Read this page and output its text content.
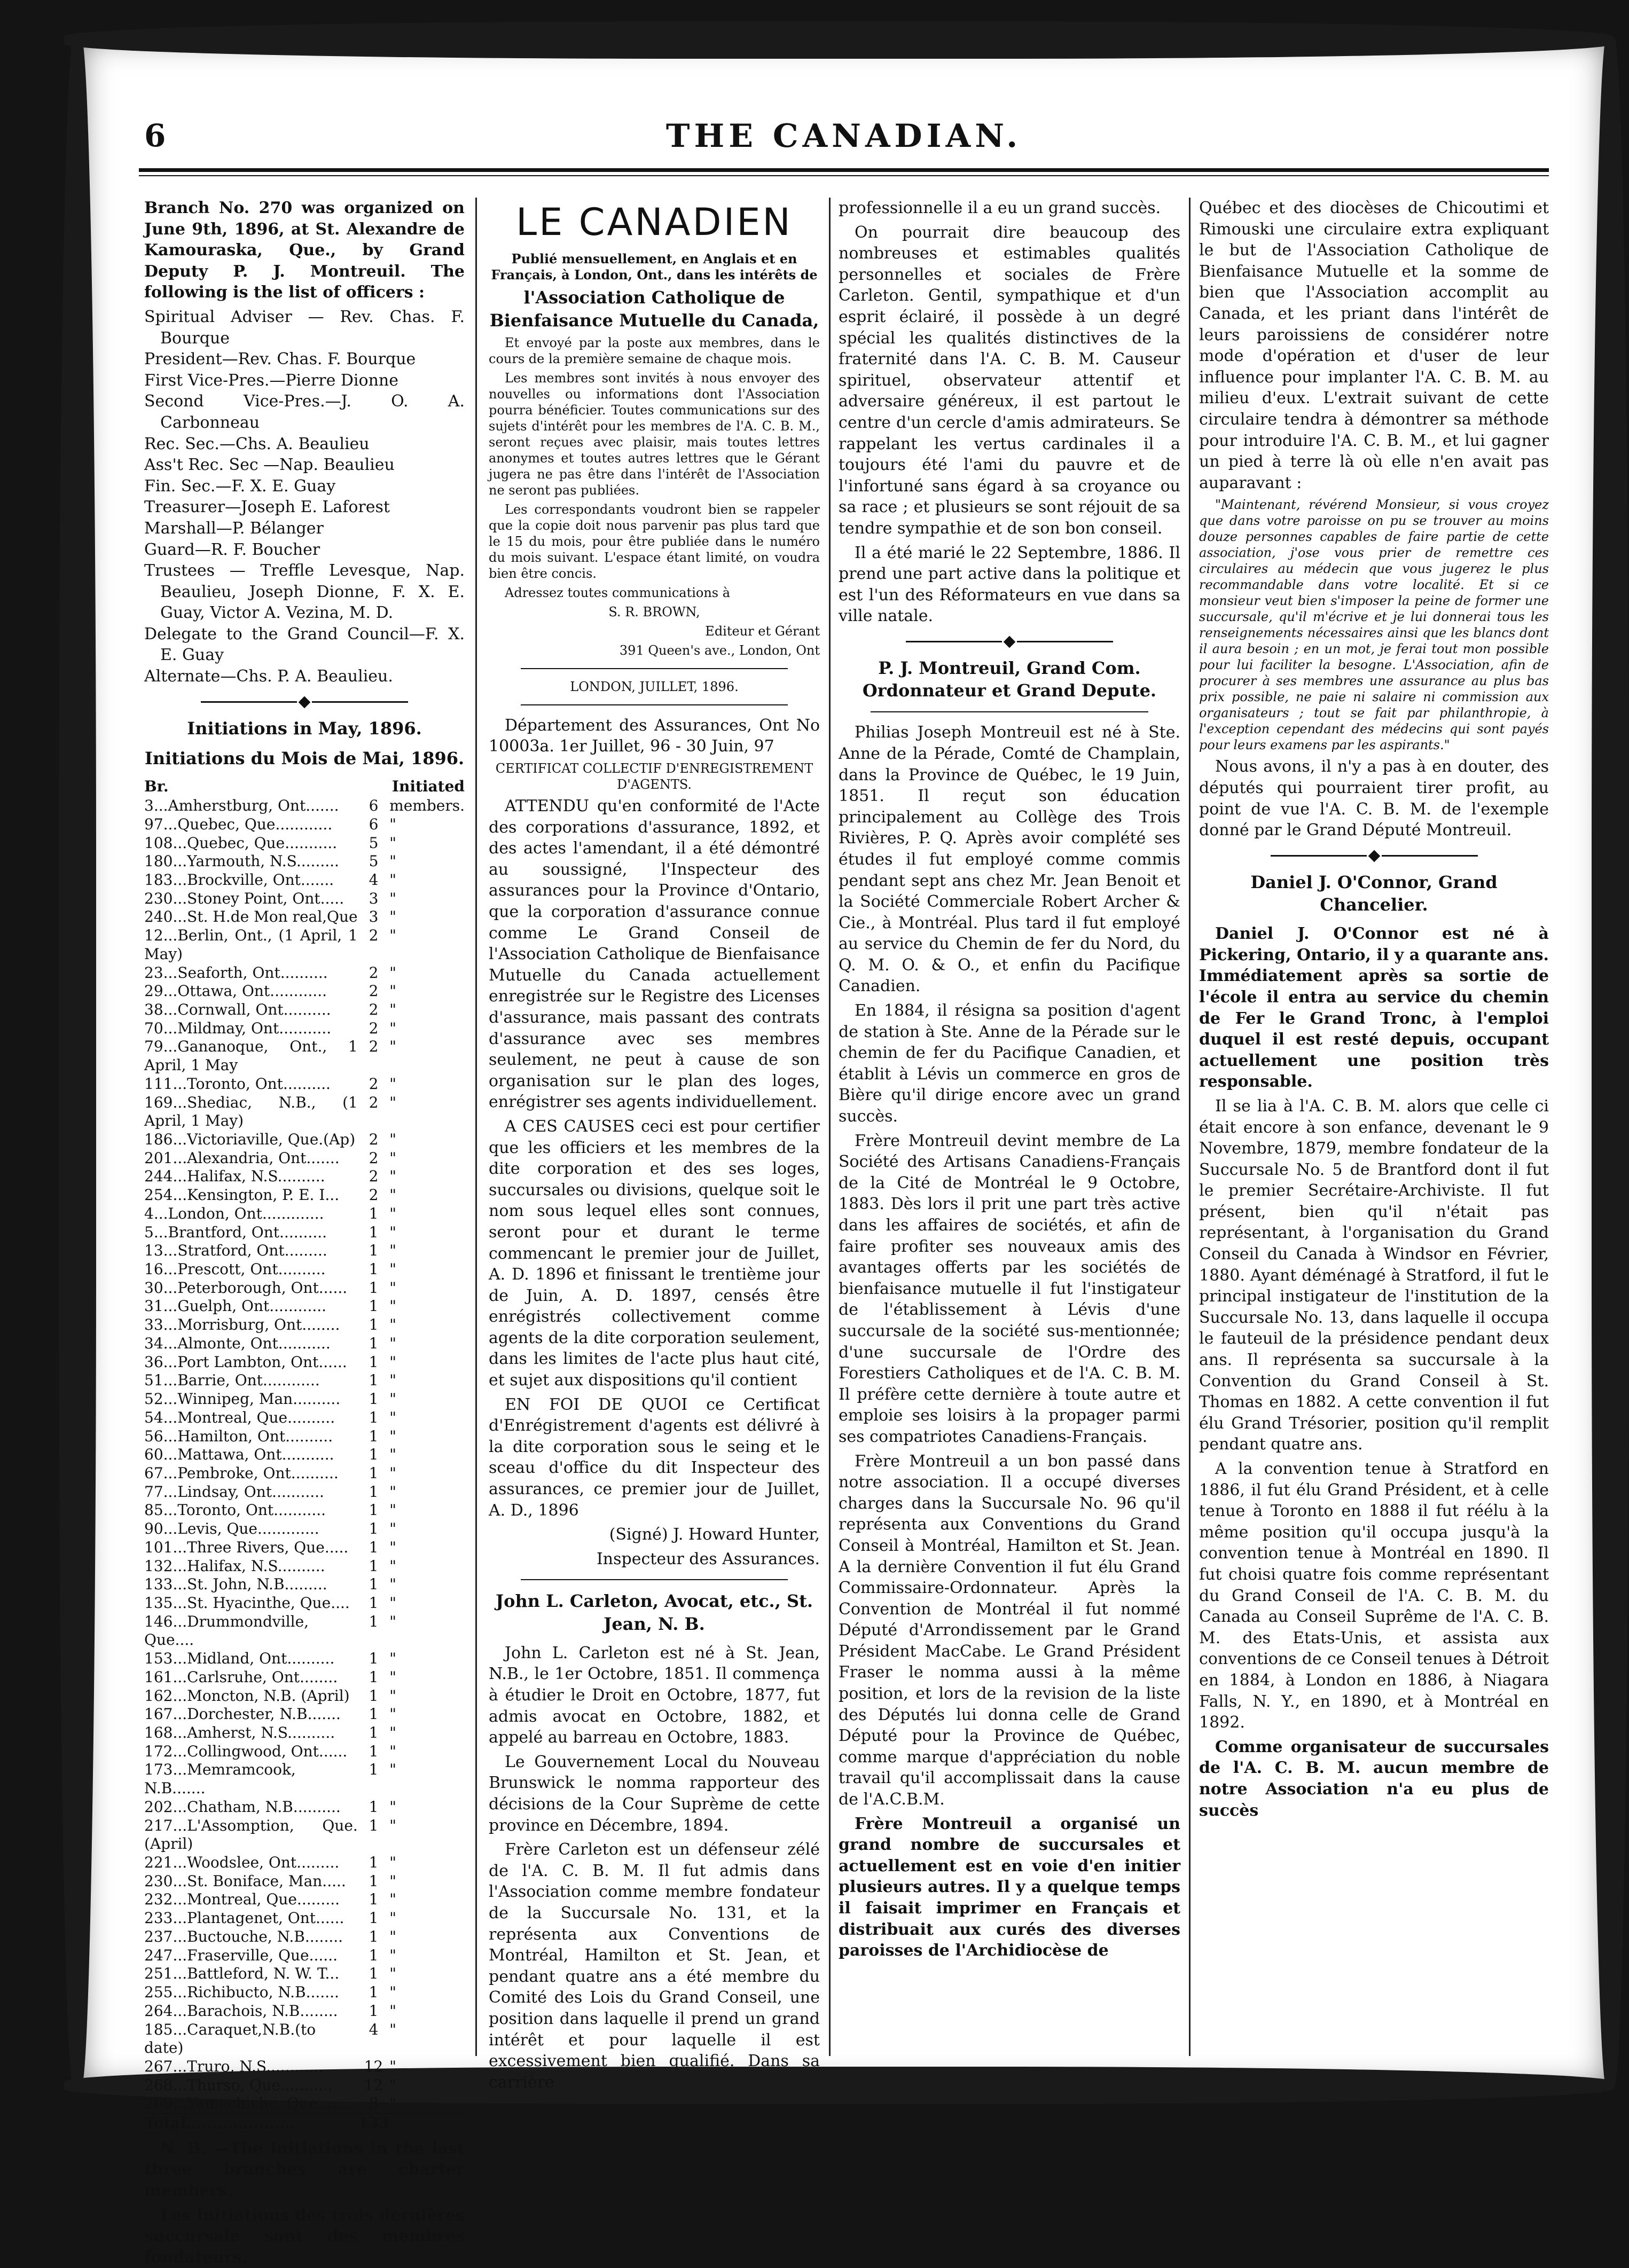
6	THE CANADIAN.

Branch No. 270 was organized on June 9th, 1896, at St. Alexandre de Kamouraska, Que., by Grand Deputy P. J. Montreuil. The following is the list of officers :

Spiritual Adviser — Rev. Chas. F. Bourque

President—Rev. Chas. F. Bourque

First Vice-Pres.—Pierre Dionne

Second Vice-Pres.—J. O. A. Carbonneau

Rec. Sec.—Chs. A. Beaulieu

Ass't Rec. Sec —Nap. Beaulieu

Fin. Sec.—F. X. E. Guay

Treasurer—Joseph E. Laforest

Marshall—P. Bélanger

Guard—R. F. Boucher

Trustees — Treffle Levesque, Nap. Beaulieu, Joseph Dionne, F. X. E. Guay, Victor A. Vezina, M. D.

Delegate to the Grand Council—F. X. E. Guay

Alternate—Chs. P. A. Beaulieu.

Initiations in May, 1896.
Initiations du Mois de Mai, 1896.
Br.	Initiated
3...Amherstburg, Ont.......	6	members.
97...Quebec, Que............	6	"
108...Quebec, Que...........	5	"
180...Yarmouth, N.S.........	5	"
183...Brockville, Ont.......	4	"
230...Stoney Point, Ont.....	3	"
240...St. H.de Mon real,Que	3	"
12...Berlin, Ont., (1 April, 1 May)	2	"
23...Seaforth, Ont..........	2	"
29...Ottawa, Ont............	2	"
38...Cornwall, Ont..........	2	"
70...Mildmay, Ont...........	2	"
79...Gananoque, Ont., 1 April, 1 May	2	"
111...Toronto, Ont..........	2	"
169...Shediac, N.B., (1 April, 1 May)	2	"
186...Victoriaville, Que.(Ap)	2	"
201...Alexandria, Ont.......	2	"
244...Halifax, N.S..........	2	"
254...Kensington, P. E. I...	2	"
4...London, Ont.............	1	"
5...Brantford, Ont..........	1	"
13...Stratford, Ont.........	1	"
16...Prescott, Ont..........	1	"
30...Peterborough, Ont......	1	"
31...Guelph, Ont............	1	"
33...Morrisburg, Ont........	1	"
34...Almonte, Ont...........	1	"
36...Port Lambton, Ont......	1	"
51...Barrie, Ont............	1	"
52...Winnipeg, Man..........	1	"
54...Montreal, Que..........	1	"
56...Hamilton, Ont..........	1	"
60...Mattawa, Ont...........	1	"
67...Pembroke, Ont..........	1	"
77...Lindsay, Ont...........	1	"
85...Toronto, Ont...........	1	"
90...Levis, Que.............	1	"
101...Three Rivers, Que.....	1	"
132...Halifax, N.S..........	1	"
133...St. John, N.B.........	1	"
135...St. Hyacinthe, Que....	1	"
146...Drummondville, Que....	1	"
153...Midland, Ont..........	1	"
161...Carlsruhe, Ont........	1	"
162...Moncton, N.B. (April)	1	"
167...Dorchester, N.B.......	1	"
168...Amherst, N.S..........	1	"
172...Collingwood, Ont......	1	"
173...Memramcook, N.B.......	1	"
202...Chatham, N.B..........	1	"
217...L'Assomption, Que. (April)	1	"
221...Woodslee, Ont.........	1	"
230...St. Boniface, Man.....	1	"
232...Montreal, Que.........	1	"
233...Plantagenet, Ont......	1	"
237...Buctouche, N.B........	1	"
247...Fraserville, Que......	1	"
251...Battleford, N. W. T...	1	"
255...Richibucto, N.B.......	1	"
264...Barachois, N.B........	1	"
185...Caraquet,N.B.(to date)	4	"
267...Truro, N.S............	12	"
268...Thurso, Que...........	12	"
269...Yamachiche, Que.......	8	"
Total.....................	133	

N. B. —The initiations in the last three branches are charter members.

Les initiations des trois dernières succursale sont des membres fondateurs.

LE CANADIEN

Publié mensuellement, en Anglais et en Français, à London, Ont., dans les intérêts de

l'Association Catholique de Bienfaisance Mutuelle du Canada,

Et envoyé par la poste aux membres, dans le cours de la première semaine de chaque mois.

Les membres sont invités à nous envoyer des nouvelles ou informations dont l'Association pourra bénéficier. Toutes communications sur des sujets d'intérêt pour les membres de l'A. C. B. M., seront reçues avec plaisir, mais toutes lettres anonymes et toutes autres lettres que le Gérant jugera ne pas être dans l'intérêt de l'Association ne seront pas publiées.

Les correspondants voudront bien se rappeler que la copie doit nous parvenir pas plus tard que le 15 du mois, pour être publiée dans le numéro du mois suivant. L'espace étant limité, on voudra bien être concis.

Adressez toutes communications à

S. R. BROWN,

Editeur et Gérant

391 Queen's ave., London, Ont

LONDON, JUILLET, 1896.

Département des Assurances, Ont No 10003a. 1er Juillet, 96 - 30 Juin, 97

CERTIFICAT COLLECTIF D'ENREGISTREMENT D'AGENTS.

ATTENDU qu'en conformité de l'Acte des corporations d'assurance, 1892, et des actes l'amendant, il a été démontré au soussigné, l'Inspecteur des assurances pour la Province d'Ontario, que la corporation d'assurance connue comme Le Grand Conseil de l'Association Catholique de Bienfaisance Mutuelle du Canada actuellement enregistrée sur le Registre des Licenses d'assurance, mais passant des contrats d'assurance avec ses membres seulement, ne peut à cause de son organisation sur le plan des loges, enrégistrer ses agents individuellement.

A CES CAUSES ceci est pour certifier que les officiers et les membres de la dite corporation et des ses loges, succursales ou divisions, quelque soit le nom sous lequel elles sont connues, seront pour et durant le terme commencant le premier jour de Juillet, A. D. 1896 et finissant le trentième jour de Juin, A. D. 1897, censés être enrégistrés collectivement comme agents de la dite corporation seulement, dans les limites de l'acte plus haut cité, et sujet aux dispositions qu'il contient

EN FOI DE QUOI ce Certificat d'Enrégistrement d'agents est délivré à la dite corporation sous le seing et le sceau d'office du dit Inspecteur des assurances, ce premier jour de Juillet, A. D., 1896

(Signé) J. Howard Hunter,

Inspecteur des Assurances.

John L. Carleton, Avocat, etc., St. Jean, N. B.

John L. Carleton est né à St. Jean, N.B., le 1er Octobre, 1851. Il commença à étudier le Droit en Octobre, 1877, fut admis avocat en Octobre, 1882, et appelé au barreau en Octobre, 1883.

Le Gouvernement Local du Nouveau Brunswick le nomma rapporteur des décisions de la Cour Suprème de cette province en Décembre, 1894.

Frère Carleton est un défenseur zélé de l'A. C. B. M. Il fut admis dans l'Association comme membre fondateur de la Succursale No. 131, et la représenta aux Conventions de Montréal, Hamilton et St. Jean, et pendant quatre ans a été membre du Comité des Lois du Grand Conseil, une position dans laquelle il prend un grand intérêt et pour laquelle il est excessivement bien qualifié. Dans sa carrière

professionnelle il a eu un grand succès.

On pourrait dire beaucoup des nombreuses et estimables qualités personnelles et sociales de Frère Carleton. Gentil, sympathique et d'un esprit éclairé, il possède à un degré spécial les qualités distinctives de la fraternité dans l'A. C. B. M. Causeur spirituel, observateur attentif et adversaire généreux, il est partout le centre d'un cercle d'amis admirateurs. Se rappelant les vertus cardinales il a toujours été l'ami du pauvre et de l'infortuné sans égard à sa croyance ou sa race ; et plusieurs se sont réjouit de sa tendre sympathie et de son bon conseil.

Il a été marié le 22 Septembre, 1886. Il prend une part active dans la politique et est l'un des Réformateurs en vue dans sa ville natale.

P. J. Montreuil, Grand Com. Ordonnateur et Grand Depute.

Philias Joseph Montreuil est né à Ste. Anne de la Pérade, Comté de Champlain, dans la Province de Québec, le 19 Juin, 1851. Il reçut son éducation principalement au Collège des Trois Rivières, P. Q. Après avoir complété ses études il fut employé comme commis pendant sept ans chez Mr. Jean Benoit et la Société Commerciale Robert Archer & Cie., à Montréal. Plus tard il fut employé au service du Chemin de fer du Nord, du Q. M. O. & O., et enfin du Pacifique Canadien.

En 1884, il résigna sa position d'agent de station à Ste. Anne de la Pérade sur le chemin de fer du Pacifique Canadien, et établit à Lévis un commerce en gros de Bière qu'il dirige encore avec un grand succès.

Frère Montreuil devint membre de La Société des Artisans Canadiens-Français de la Cité de Montréal le 9 Octobre, 1883. Dès lors il prit une part très active dans les affaires de sociétés, et afin de faire profiter ses nouveaux amis des avantages offerts par les sociétés de bienfaisance mutuelle il fut l'instigateur de l'établissement à Lévis d'une succursale de la société sus-mentionnée; d'une succursale de l'Ordre des Forestiers Catholiques et de l'A. C. B. M. Il préfère cette dernière à toute autre et emploie ses loisirs à la propager parmi ses compatriotes Canadiens-Français.

Frère Montreuil a un bon passé dans notre association. Il a occupé diverses charges dans la Succursale No. 96 qu'il représenta aux Conventions du Grand Conseil à Montréal, Hamilton et St. Jean. A la dernière Convention il fut élu Grand Commissaire-Ordonnateur. Après la Convention de Montréal il fut nommé Député d'Arrondissement par le Grand Président MacCabe. Le Grand Président Fraser le nomma aussi à la même position, et lors de la revision de la liste des Députés lui donna celle de Grand Député pour la Province de Québec, comme marque d'appréciation du noble travail qu'il accomplissait dans la cause de l'A.C.B.M.

Frère Montreuil a organisé un grand nombre de succursales et actuellement est en voie d'en initier plusieurs autres. Il y a quelque temps il faisait imprimer en Français et distribuait aux curés des diverses paroisses de l'Archidiocèse de

Québec et des diocèses de Chicoutimi et Rimouski une circulaire extra expliquant le but de l'Association Catholique de Bienfaisance Mutuelle et la somme de bien que l'Association accomplit au Canada, et les priant dans l'intérêt de leurs paroissiens de considérer notre mode d'opération et d'user de leur influence pour implanter l'A. C. B. M. au milieu d'eux. L'extrait suivant de cette circulaire tendra à démontrer sa méthode pour introduire l'A. C. B. M., et lui gagner un pied à terre là où elle n'en avait pas auparavant :

"Maintenant, révérend Monsieur, si vous croyez que dans votre paroisse on pu se trouver au moins douze personnes capables de faire partie de cette association, j'ose vous prier de remettre ces circulaires au médecin que vous jugerez le plus recommandable dans votre localité. Et si ce monsieur veut bien s'imposer la peine de former une succursale, qu'il m'écrive et je lui donnerai tous les renseignements nécessaires ainsi que les blancs dont il aura besoin ; en un mot, je ferai tout mon possible pour lui faciliter la besogne. L'Association, afin de procurer à ses membres une assurance au plus bas prix possible, ne paie ni salaire ni commission aux organisateurs ; tout se fait par philanthropie, à l'exception cependant des médecins qui sont payés pour leurs examens par les aspirants."

Nous avons, il n'y a pas à en douter, des députés qui pourraient tirer profit, au point de vue l'A. C. B. M. de l'exemple donné par le Grand Député Montreuil.

Daniel J. O'Connor, Grand Chancelier.

Daniel J. O'Connor est né à Pickering, Ontario, il y a quarante ans. Immédiatement après sa sortie de l'école il entra au service du chemin de Fer le Grand Tronc, à l'emploi duquel il est resté depuis, occupant actuellement une position très responsable.

Il se lia à l'A. C. B. M. alors que celle ci était encore à son enfance, devenant le 9 Novembre, 1879, membre fondateur de la Succursale No. 5 de Brantford dont il fut le premier Secrétaire-Archiviste. Il fut présent, bien qu'il n'était pas représentant, à l'organisation du Grand Conseil du Canada à Windsor en Février, 1880. Ayant déménagé à Stratford, il fut le principal instigateur de l'institution de la Succursale No. 13, dans laquelle il occupa le fauteuil de la présidence pendant deux ans. Il représenta sa succursale à la Convention du Grand Conseil à St. Thomas en 1882. A cette convention il fut élu Grand Trésorier, position qu'il remplit pendant quatre ans.

A la convention tenue à Stratford en 1886, il fut élu Grand Président, et à celle tenue à Toronto en 1888 il fut réélu à la même position qu'il occupa jusqu'à la convention tenue à Montréal en 1890. Il fut choisi quatre fois comme représentant du Grand Conseil de l'A. C. B. M. du Canada au Conseil Suprême de l'A. C. B. M. des Etats-Unis, et assista aux conventions de ce Conseil tenues à Détroit en 1884, à London en 1886, à Niagara Falls, N. Y., en 1890, et à Montréal en 1892.

Comme organisateur de succursales de l'A. C. B. M. aucun membre de notre Association n'a eu plus de succès
